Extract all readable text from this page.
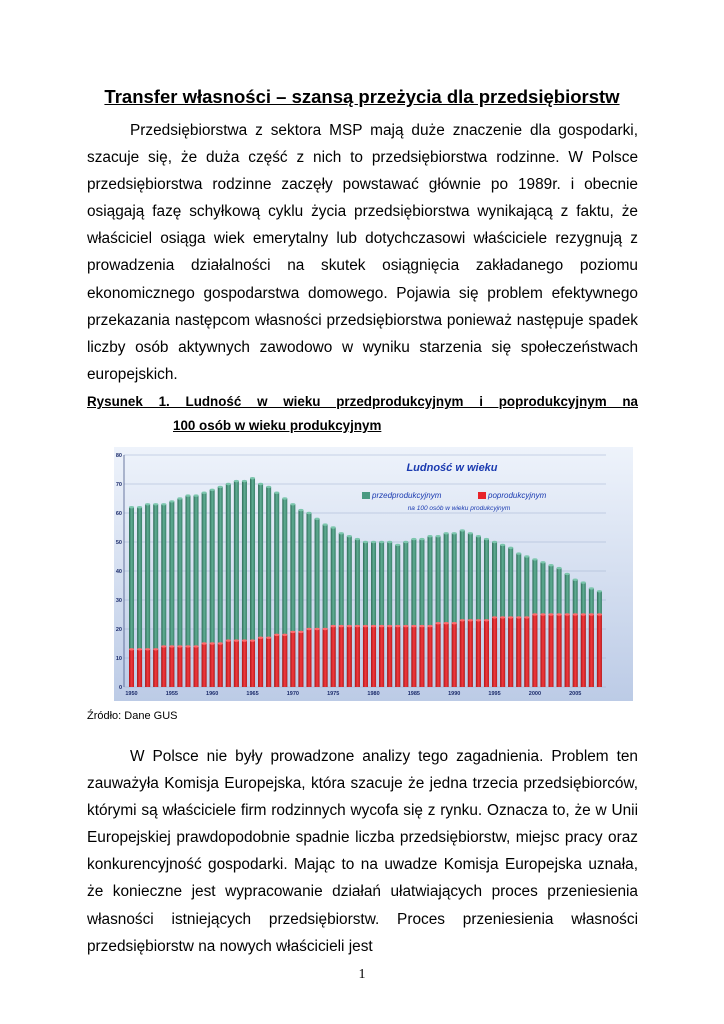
Transfer własności – szansą przeżycia dla przedsiębiorstw

Przedsiębiorstwa z sektora MSP mają duże znaczenie dla gospodarki, szacuje się, że duża część z nich to przedsiębiorstwa rodzinne. W Polsce przedsiębiorstwa rodzinne zaczęły powstawać głównie po 1989r. i obecnie osiągają fazę schyłkową cyklu życia przedsiębiorstwa wynikającą z faktu, że właściciel osiąga wiek emerytalny lub dotychczasowi właściciele rezygnują z prowadzenia działalności na skutek osiągnięcia zakładanego poziomu ekonomicznego gospodarstwa domowego. Pojawia się problem efektywnego przekazania następcom własności przedsiębiorstwa ponieważ następuje spadek liczby osób aktywnych zawodowo w wyniku starzenia się społeczeństwach europejskich.

Rysunek 1. Ludność w wieku przedprodukcyjnym i poprodukcyjnym na

100 osób w wieku produkcyjnym

0
10
20
30
40
50
60
70
80
1950	1955	1960	1965	1970	1975	1980	1985	1990	1995	2000	2005
Ludność w wieku
przedprodukcyjnym	poprodukcyjnym
na 100 osób w wieku produkcyjnym

Źródło: Dane GUS

W Polsce nie były prowadzone analizy tego zagadnienia. Problem ten zauważyła Komisja Europejska, która szacuje że jedna trzecia przedsiębiorców, którymi są właściciele firm rodzinnych wycofa się z rynku. Oznacza to, że w Unii Europejskiej prawdopodobnie spadnie liczba przedsiębiorstw, miejsc pracy oraz konkurencyjność gospodarki. Mając to na uwadze Komisja Europejska uznała, że konieczne jest wypracowanie działań ułatwiających proces przeniesienia własności istniejących przedsiębiorstw. Proces przeniesienia własności przedsiębiorstw na nowych właścicieli jest

1
